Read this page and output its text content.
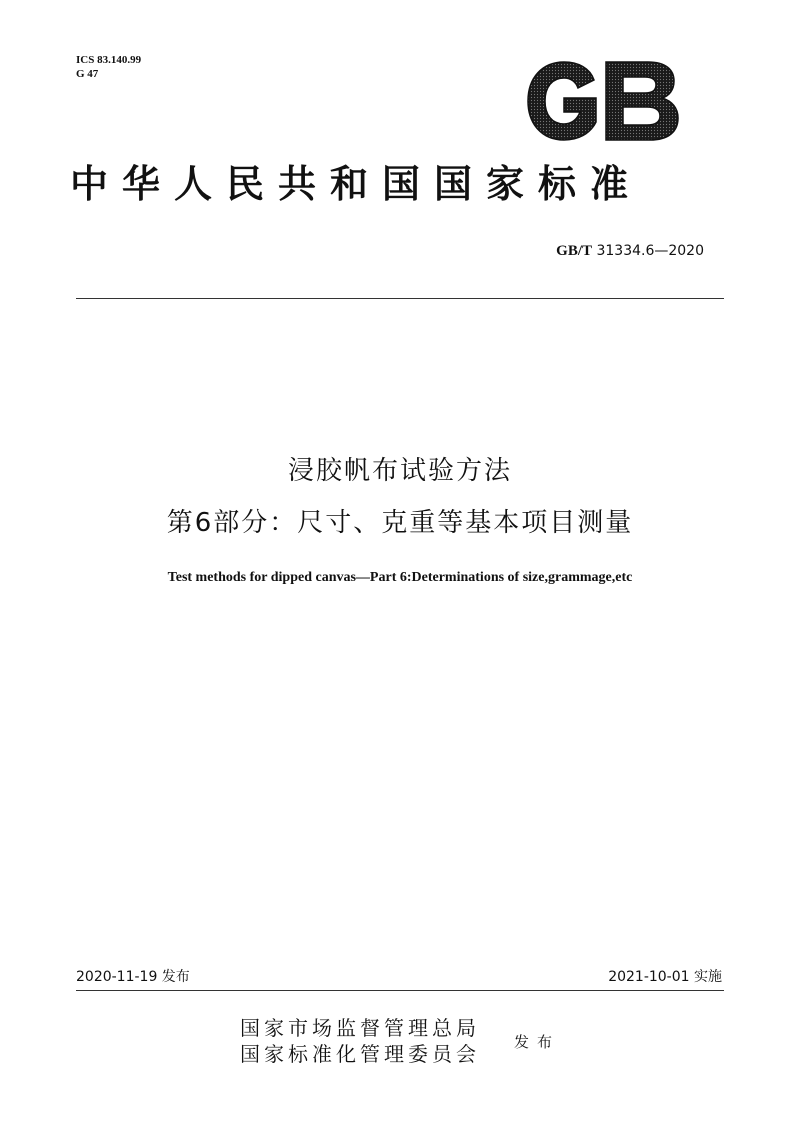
ICS 83.140.99
G 47
中华人民共和国国家标准
GB/T 31334.6—2020
浸胶帆布试验方法
第6部分：尺寸、克重等基本项目测量
Test methods for dipped canvas—Part 6:Determinations of size,grammage,etc
2020-11-19 发布	2021-10-01 实施
国家市场监督管理总局
国家标准化管理委员会 发布
